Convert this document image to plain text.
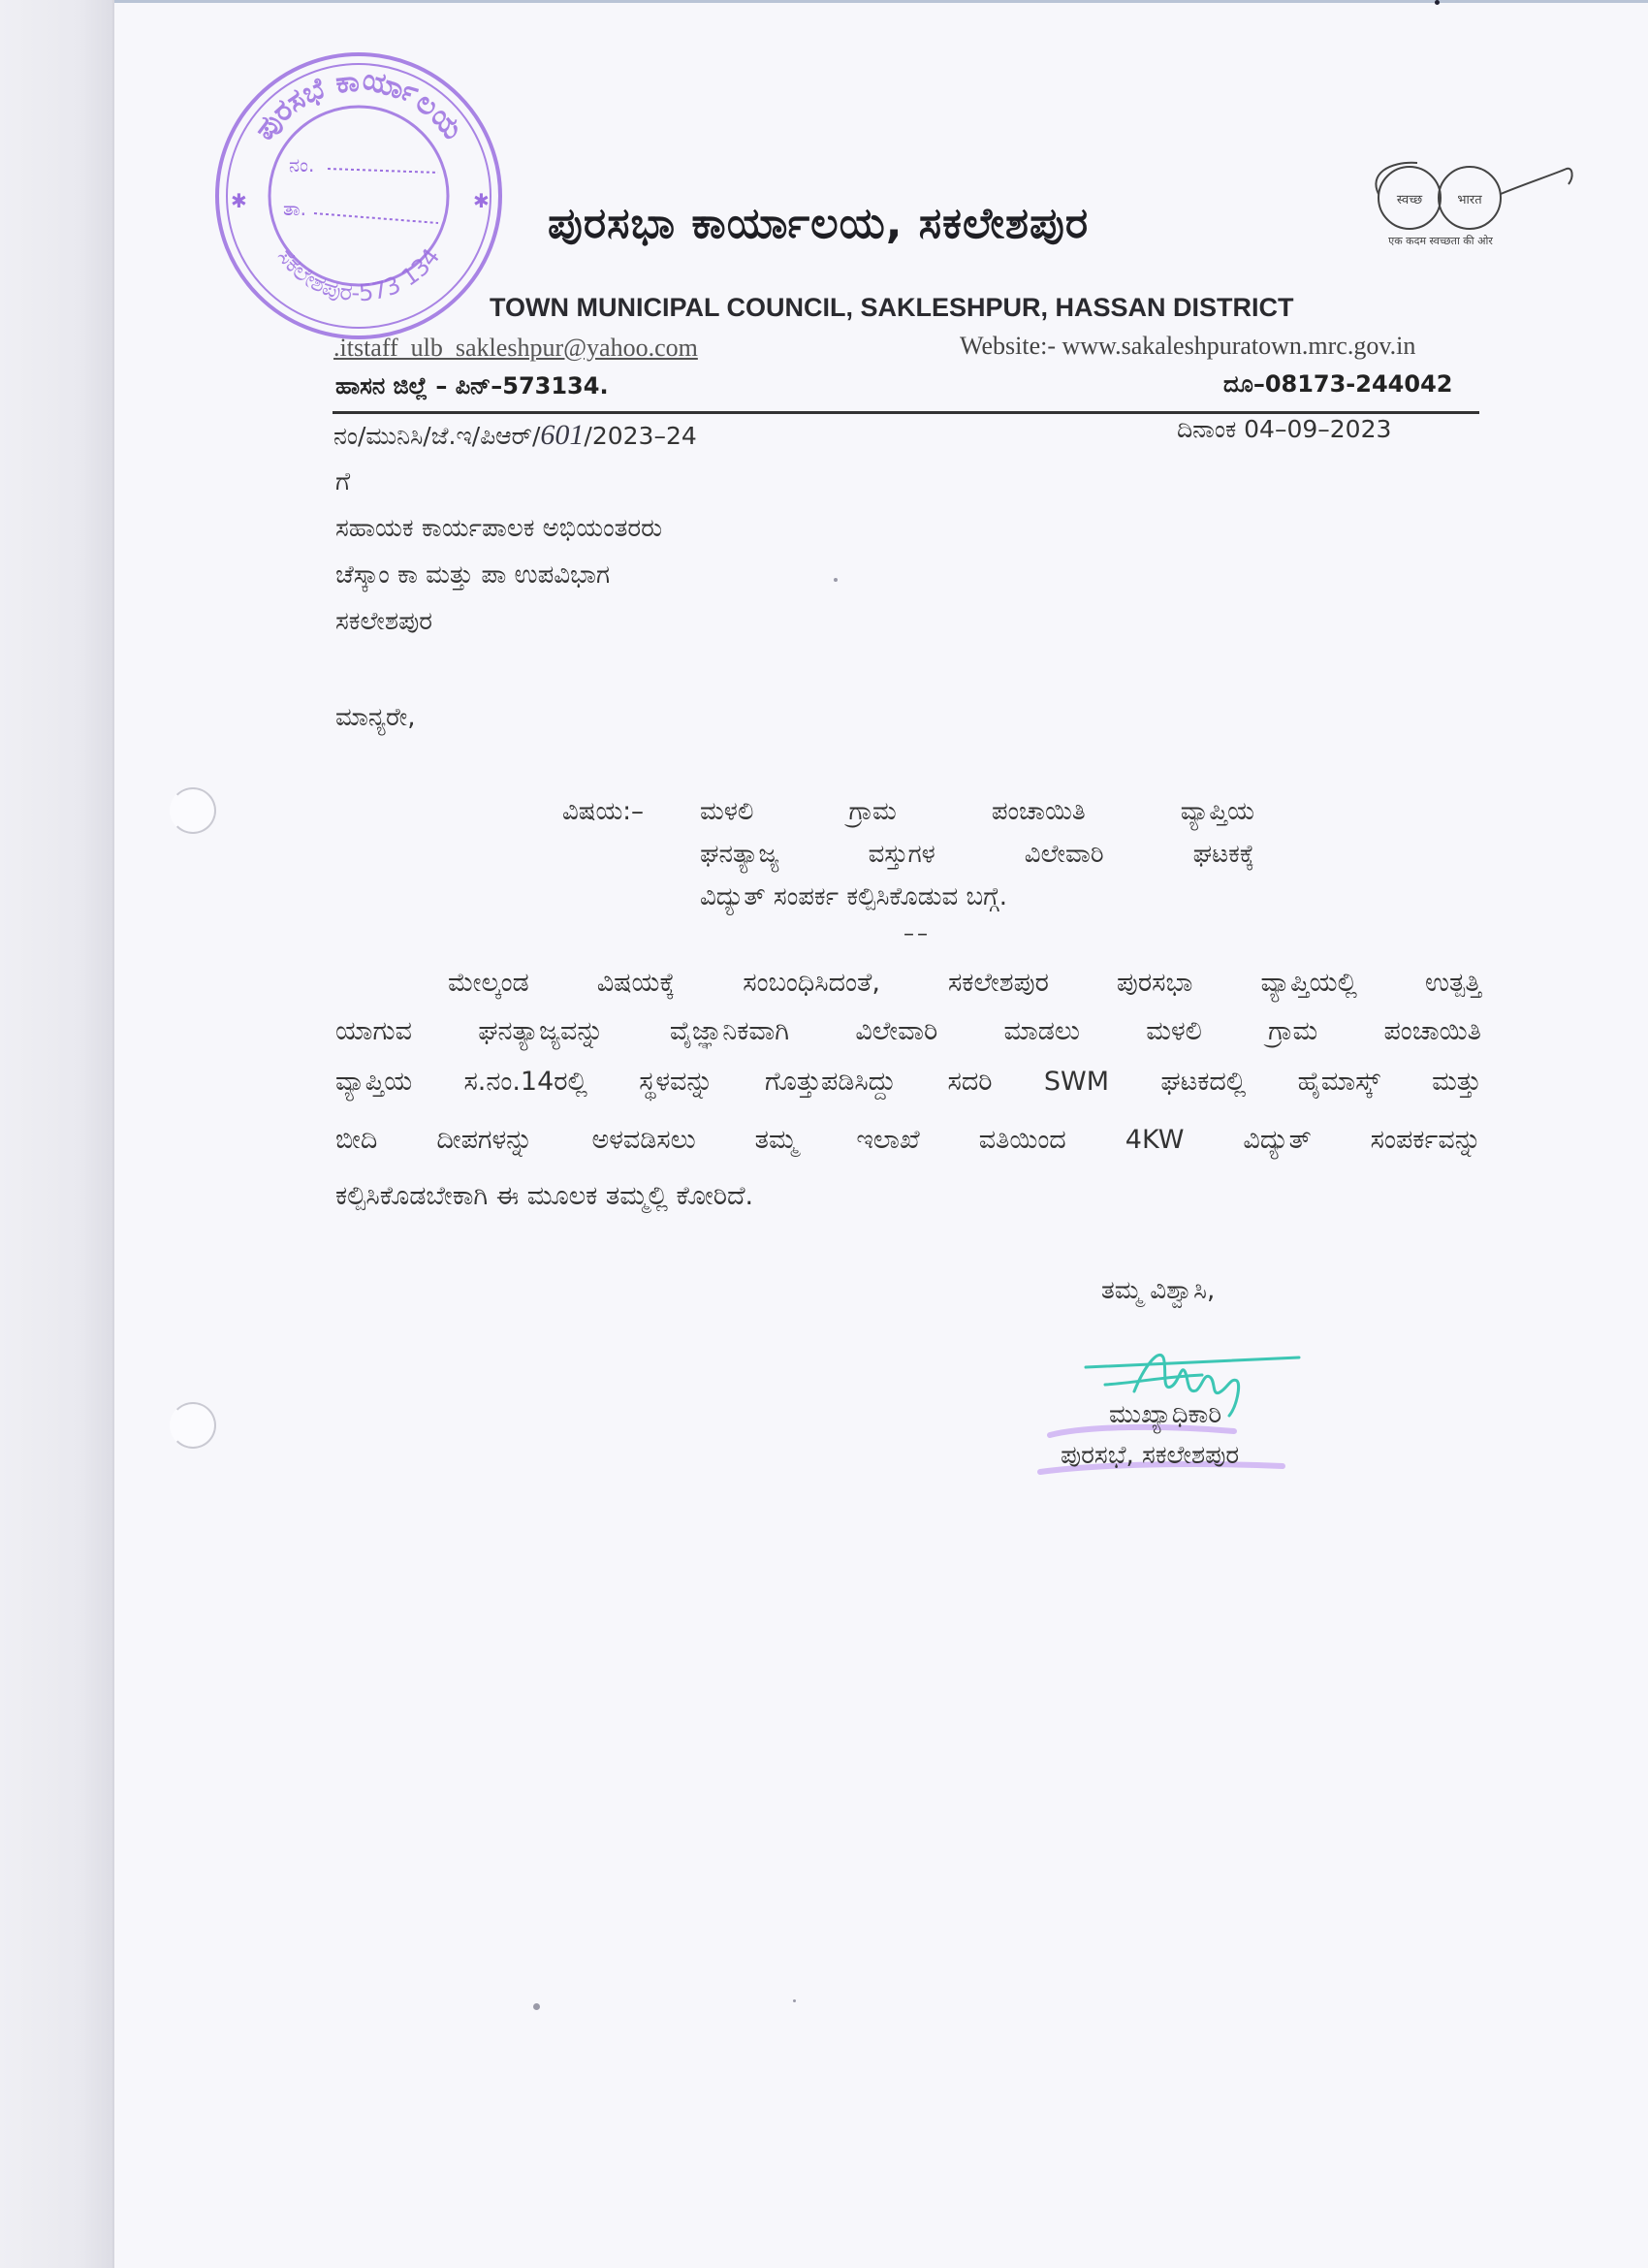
ಪುರಸಭೆ ಕಾರ್ಯಾಲಯ
ಸಕಲೇಶಪುರ-573 134
✱	✱
ನಂ.
ತಾ.	स्वच्छ	भारत
एक कदम स्वच्छता की ओर
ಪುರಸಭಾ ಕಾರ್ಯಾಲಯ, ಸಕಲೇಶಪುರ
TOWN MUNICIPAL COUNCIL, SAKLESHPUR, HASSAN DISTRICT
.itstaff_ulb_sakleshpur@yahoo.com	Website:- www.sakaleshpuratown.mrc.gov.in
ಹಾಸನ ಜಿಲ್ಲೆ – ಪಿನ್–573134.	ದೂ–08173-244042
ನಂ/ಮುನಿಸಿ/ಜೆ.ಇ/ಪಿಆರ್/601/2023–24	ದಿನಾಂಕ 04–09–2023
ಗೆ
ಸಹಾಯಕ ಕಾರ್ಯಪಾಲಕ ಅಭಿಯಂತರರು
ಚೆಸ್ಕಾಂ ಕಾ ಮತ್ತು ಪಾ ಉಪವಿಭಾಗ
ಸಕಲೇಶಪುರ
ಮಾನ್ಯರೇ,
ವಿಷಯ:– ಮಳಲಿ ಗ್ರಾಮ ಪಂಚಾಯಿತಿ ವ್ಯಾಪ್ತಿಯ
ಘನತ್ಯಾಜ್ಯ ವಸ್ತುಗಳ ವಿಲೇವಾರಿ ಘಟಕಕ್ಕೆ
ವಿದ್ಯುತ್ ಸಂಪರ್ಕ ಕಲ್ಪಿಸಿಕೊಡುವ ಬಗ್ಗೆ.
––
ಮೇಲ್ಕಂಡ ವಿಷಯಕ್ಕೆ ಸಂಬಂಧಿಸಿದಂತೆ, ಸಕಲೇಶಪುರ ಪುರಸಭಾ ವ್ಯಾಪ್ತಿಯಲ್ಲಿ ಉತ್ಪತ್ತಿ
ಯಾಗುವ ಘನತ್ಯಾಜ್ಯವನ್ನು ವೈಜ್ಞಾನಿಕವಾಗಿ ವಿಲೇವಾರಿ ಮಾಡಲು ಮಳಲಿ ಗ್ರಾಮ ಪಂಚಾಯಿತಿ
ವ್ಯಾಪ್ತಿಯ ಸ.ನಂ.14ರಲ್ಲಿ ಸ್ಥಳವನ್ನು ಗೊತ್ತುಪಡಿಸಿದ್ದು ಸದರಿ SWM ಘಟಕದಲ್ಲಿ ಹೈಮಾಸ್ಕ್ ಮತ್ತು
ಬೀದಿ ದೀಪಗಳನ್ನು ಅಳವಡಿಸಲು ತಮ್ಮ ಇಲಾಖೆ ವತಿಯಿಂದ 4KW ವಿದ್ಯುತ್ ಸಂಪರ್ಕವನ್ನು
ಕಲ್ಪಿಸಿಕೊಡಬೇಕಾಗಿ ಈ ಮೂಲಕ ತಮ್ಮಲ್ಲಿ ಕೋರಿದೆ.
ತಮ್ಮ ವಿಶ್ವಾಸಿ,
ಮುಖ್ಯಾಧಿಕಾರಿ
ಪುರಸಭೆ, ಸಕಲೇಶಪುರ
